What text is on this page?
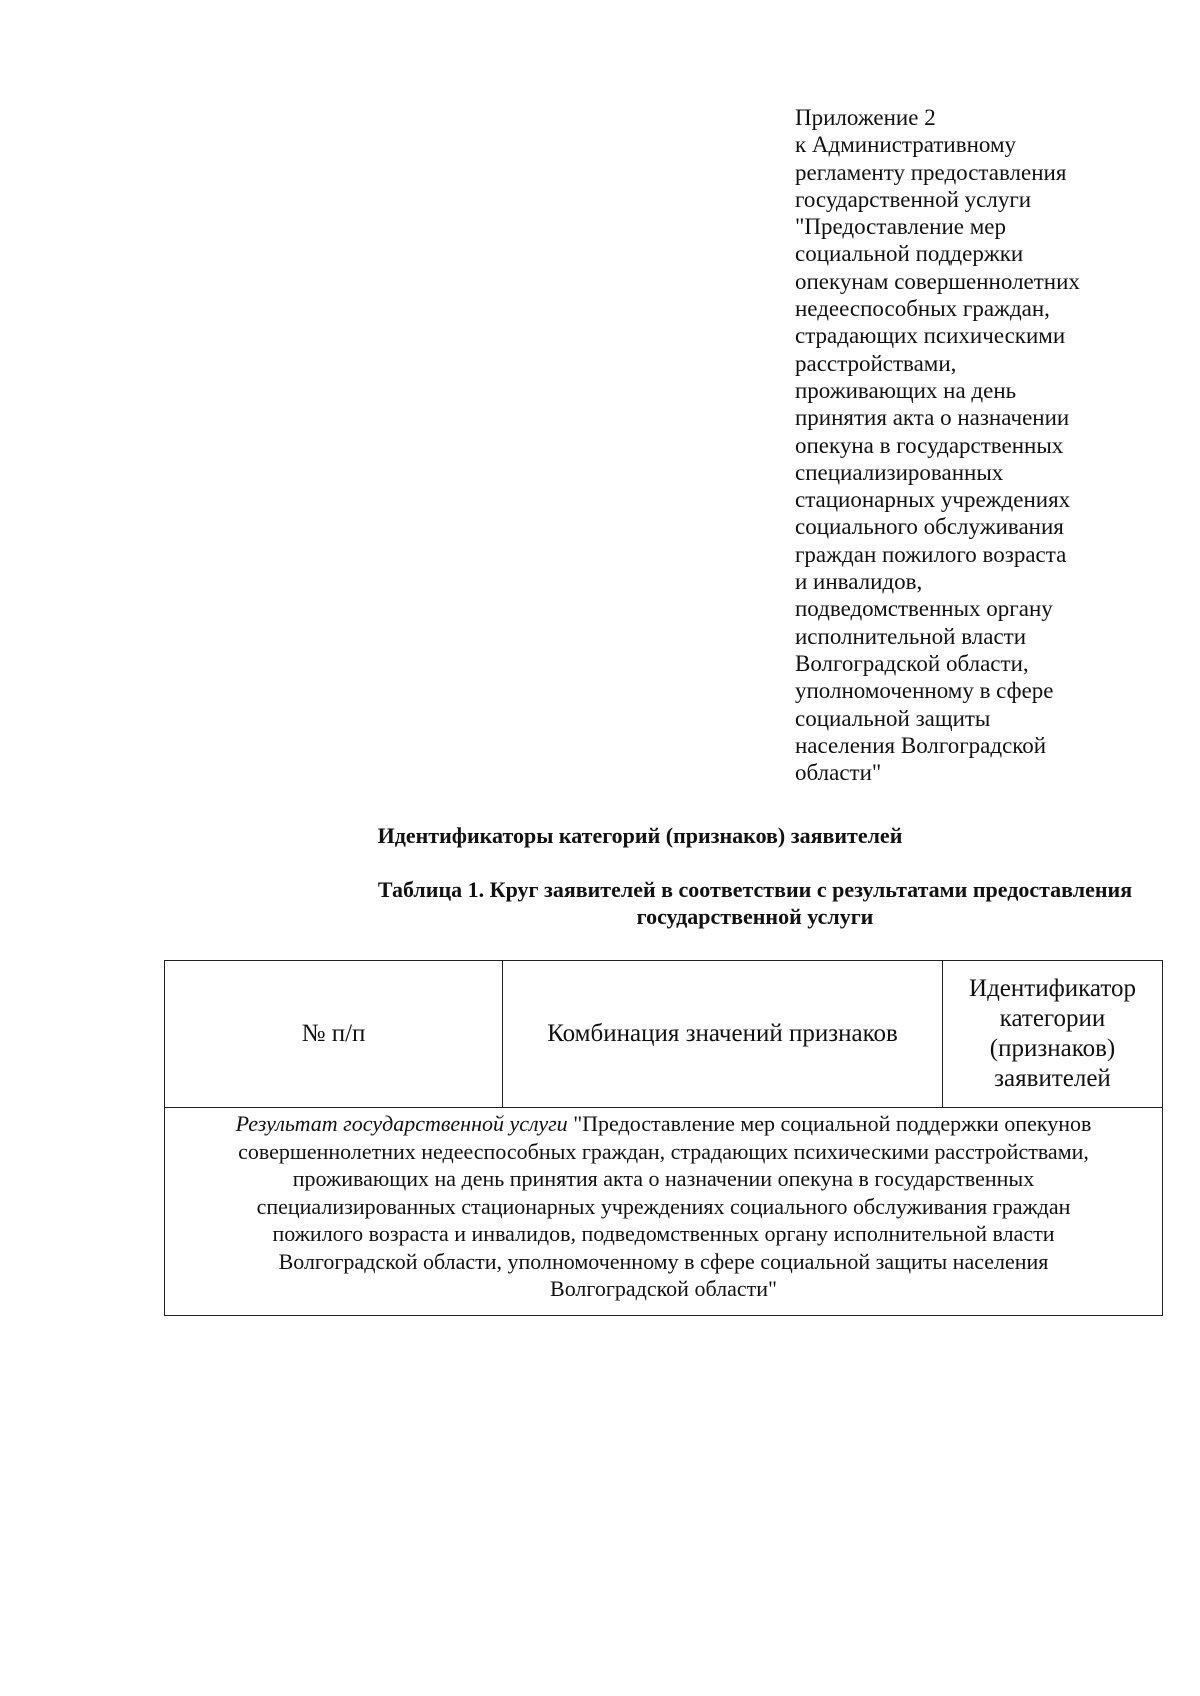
Приложение 2
к Административному
регламенту предоставления
государственной услуги
"Предоставление мер
социальной поддержки
опекунам совершеннолетних
недееспособных граждан,
страдающих психическими
расстройствами,
проживающих на день
принятия акта о назначении
опекуна в государственных
специализированных
стационарных учреждениях
социального обслуживания
граждан пожилого возраста
и инвалидов,
подведомственных органу
исполнительной власти
Волгоградской области,
уполномоченному в сфере
социальной защиты
населения Волгоградской
области"
Идентификаторы категорий (признаков) заявителей
Таблица 1. Круг заявителей в соответствии с результатами предоставления
государственной услуги
№ п/п	Комбинация значений признаков	Идентификатор категории (признаков) заявителей

Результат государственной услуги "Предоставление мер социальной поддержки опекунов
совершеннолетних недееспособных граждан, страдающих психическими расстройствами,
проживающих на день принятия акта о назначении опекуна в государственных
специализированных стационарных учреждениях социального обслуживания граждан
пожилого возраста и инвалидов, подведомственных органу исполнительной власти
Волгоградской области, уполномоченному в сфере социальной защиты населения
Волгоградской области"
